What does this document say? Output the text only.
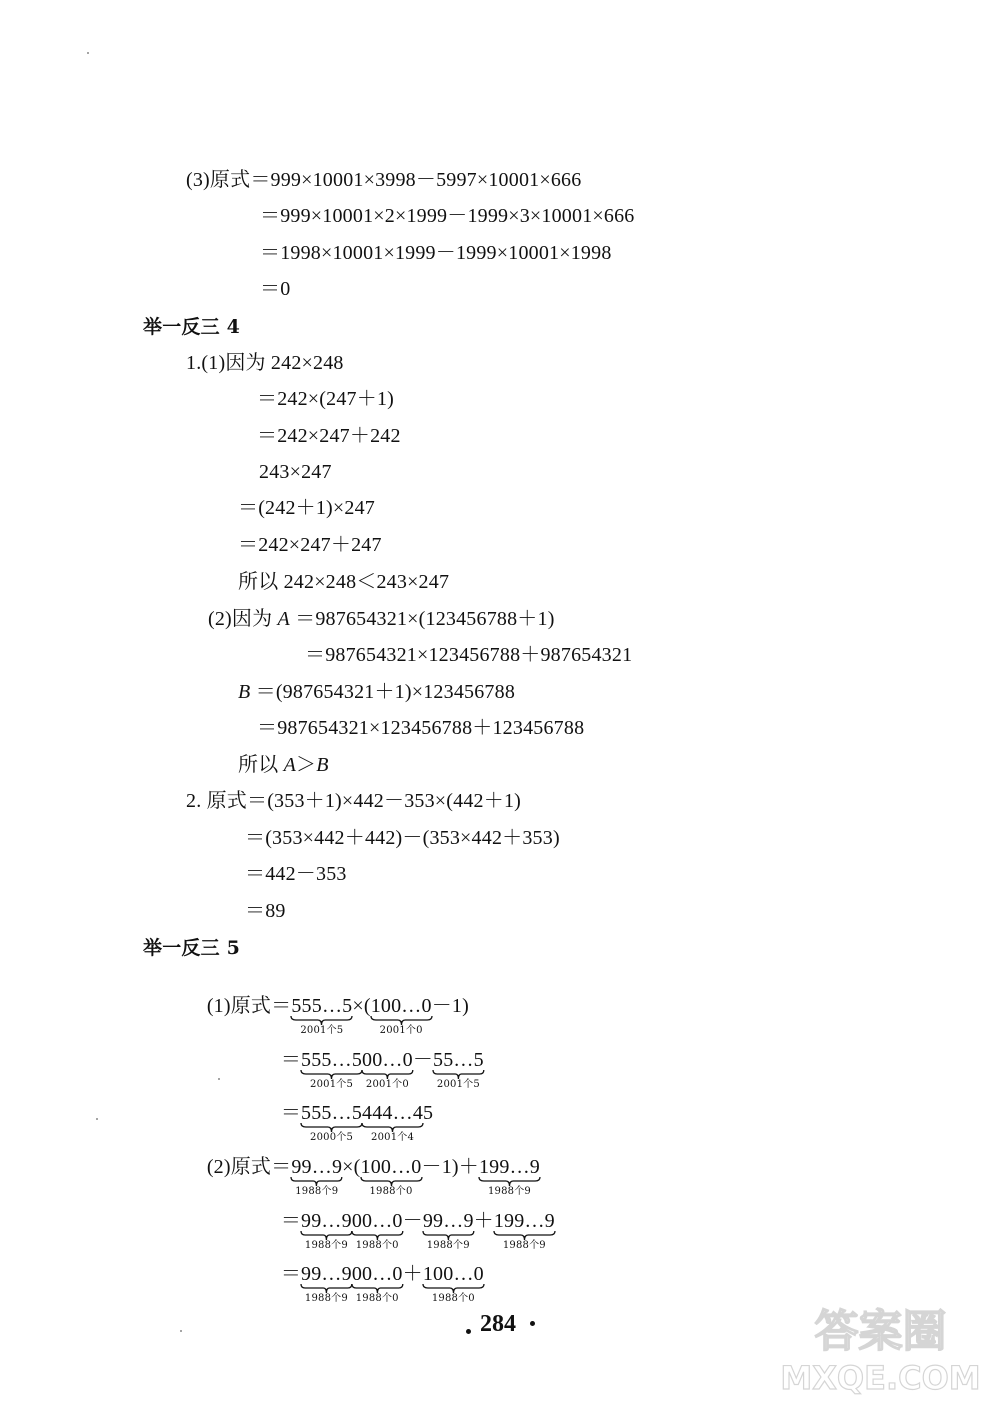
(3)原式＝999×10001×3998－5997×10001×666
＝999×10001×2×1999－1999×3×10001×666
＝1998×10001×1999－1999×10001×1998
＝0
举一反三 4
1.(1)因为 242×248
＝242×(247＋1)
＝242×247＋242
243×247
＝(242＋1)×247
＝242×247＋247
所以 242×248＜243×247
(2)因为 A ＝987654321×(123456788＋1)
＝987654321×123456788＋987654321
B ＝(987654321＋1)×123456788
＝987654321×123456788＋123456788
所以 A＞B
2. 原式＝(353＋1)×442－353×(442＋1)
＝(353×442＋442)－(353×442＋353)
＝442－353
＝89
举一反三 5

(1)原式＝555…5
2001个5
×(100…0
2001个0
－1)

＝555…5
2001个5
00…0
2001个0
－55…5
2001个5

＝555…5
2000个5
444…4
2001个4
5

(2)原式＝99…9
1988个9
×(100…0
1988个0
－1)＋199…9
1988个9

＝99…9
1988个9
00…0
1988个0
－99…9
1988个9
＋199…9
1988个9

＝99…9
1988个9
00…0
1988个0
＋100…0
1988个0

284	答案圈
MXQE.COM
